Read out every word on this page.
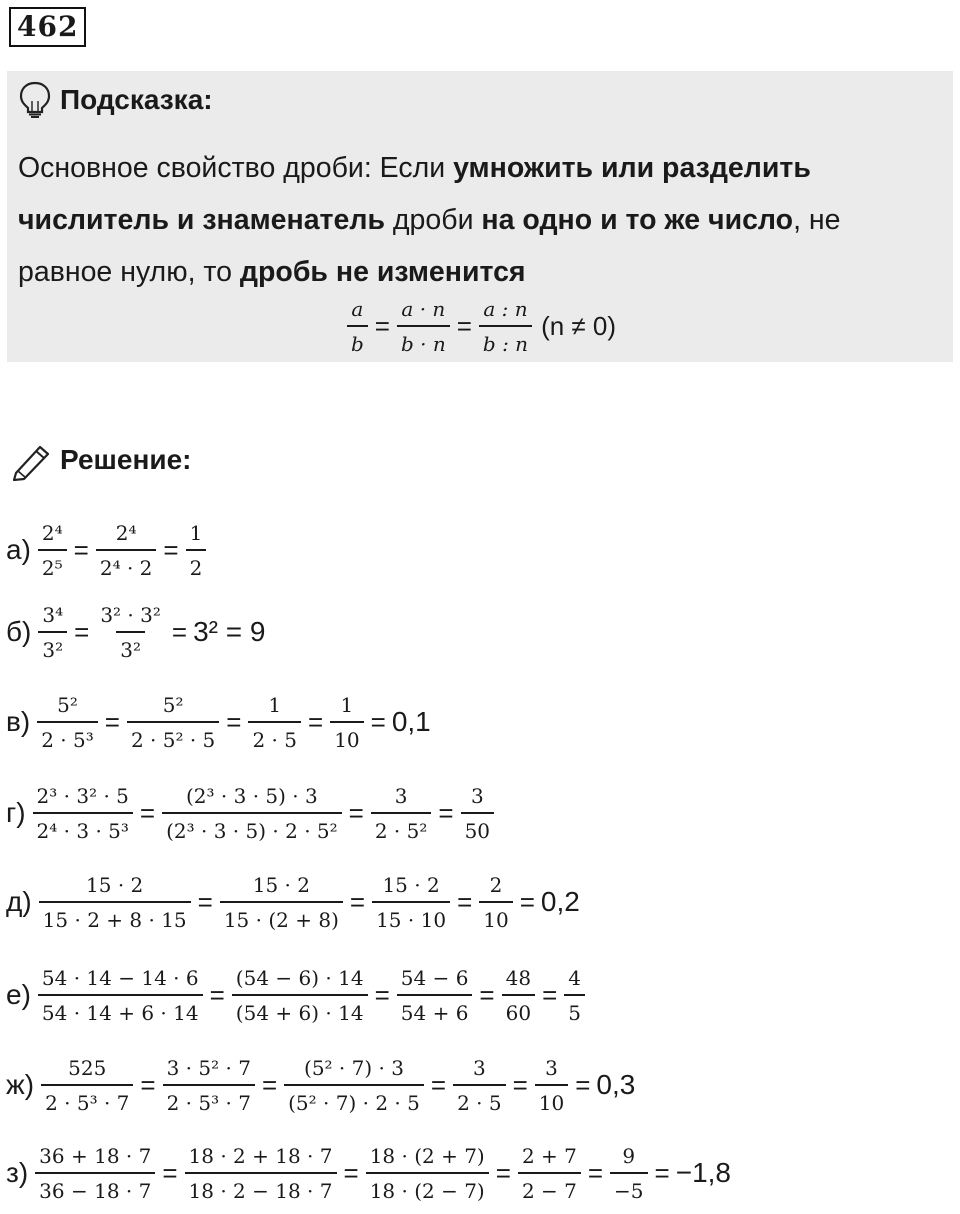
462
Подсказка:
Основное свойство дроби: Если умножить или разделить
числитель и знаменатель дроби на одно и то же число, не
равное нулю, то дробь не изменится
$\frac{a}{b} = \frac{a \cdot n}{b \cdot n} = \frac{a : n}{b : n} (n \ne 0)$
Решение:
$а) \frac{\text{2⁴}}{\text{2⁵}} = \frac{\text{2⁴}}{\text{2⁴ · 2}} = \frac{1}{2}$
$б) \frac{\text{3⁴}}{\text{3²}} = \frac{\text{3² · 3²}}{\text{3²}} = 3^2 = 9$
$в) \frac{\text{5²}}{\text{2 · 5³}} = \frac{\text{5²}}{\text{2 · 5² · 5}} = \frac{1}{2 \cdot 5} = \frac{1}{10} = 0,1$
$г) \frac{\text{2³ · 3² · 5}}{\text{2⁴ · 3 · 5³}} = \frac{\text{(2³ · 3 · 5) · 3}}{\text{(2³ · 3 · 5) · 2 · 5²}} = \frac{3}{\text{2 · 5²}} = \frac{3}{50}$
$д) \frac{15 \cdot 2}{15 \cdot 2 + 8 \cdot 15} = \frac{15 \cdot 2}{15 \cdot (2 + 8)} = \frac{15 \cdot 2}{15 \cdot 10} = \frac{2}{10} = 0,2$
$е) \frac{54 \cdot 14 - 14 \cdot 6}{54 \cdot 14 + 6 \cdot 14} = \frac{(54 - 6) \cdot 14}{(54 + 6) \cdot 14} = \frac{54 - 6}{54 + 6} = \frac{48}{60} = \frac{4}{5}$
$ж) \frac{525}{\text{2 · 5³ · 7}} = \frac{\text{3 · 5² · 7}}{\text{2 · 5³ · 7}} = \frac{\text{(5² · 7) · 3}}{\text{(5² · 7) · 2 · 5}} = \frac{3}{2 \cdot 5} = \frac{3}{10} = 0,3$
$з) \frac{36 + 18 \cdot 7}{36 - 18 \cdot 7} = \frac{18 \cdot 2 + 18 \cdot 7}{18 \cdot 2 - 18 \cdot 7} = \frac{18 \cdot (2 + 7)}{18 \cdot (2 - 7)} = \frac{2 + 7}{2 - 7} = \frac{9}{-5} = -1,8$
